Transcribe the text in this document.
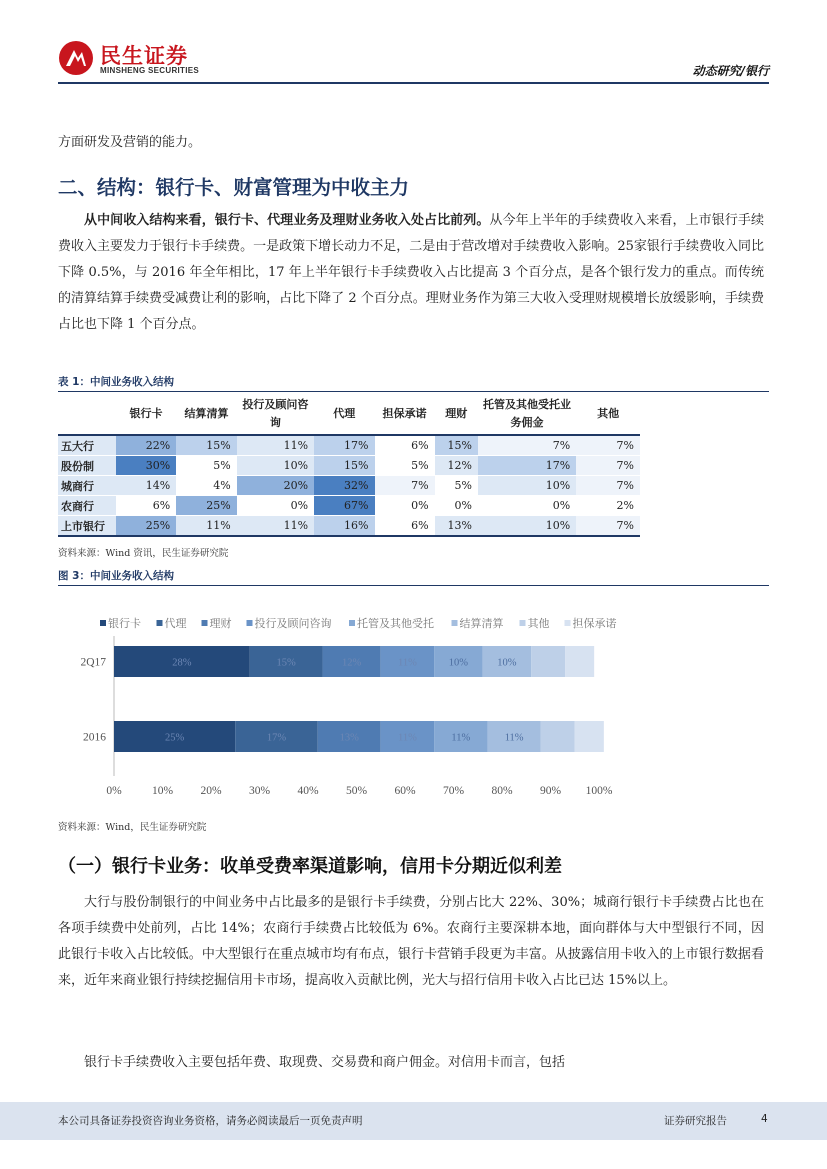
民生证券
MINSHENG SECURITIES	动态研究/银行

方面研发及营销的能力。

二、结构：银行卡、财富管理为中收主力

从中间收入结构来看，银行卡、代理业务及理财业务收入处占比前列。从今年上半年的手续费收入来看，上市银行手续费收入主要发力于银行卡手续费。一是政策下增长动力不足，二是由于营改增对手续费收入影响。25家银行手续费收入同比下降 0.5%，与 2016 年全年相比，17 年上半年银行卡手续费收入占比提高 3 个百分点，是各个银行发力的重点。而传统的清算结算手续费受减费让利的影响，占比下降了 2 个百分点。理财业务作为第三大收入受理财规模增长放缓影响，手续费占比也下降 1 个百分点。

表 1：中间业务收入结构
	银行卡	结算清算	投行及顾问咨询	代理	担保承诺	理财	托管及其他受托业务佣金	其他
五大行	22%	15%	11%	17%	6%	15%	7%	7%
股份制	30%	5%	10%	15%	5%	12%	17%	7%
城商行	14%	4%	20%	32%	7%	5%	10%	7%
农商行	6%	25%	0%	67%	0%	0%	0%	2%
上市银行	25%	11%	11%	16%	6%	13%	10%	7%
资料来源：Wind 资讯，民生证券研究院
图 3：中间业务收入结构
银行卡 代理 理财 投行及顾问咨询 托管及其他受托 结算清算 其他 担保承诺
2Q17	28%	15%	12%	11%	10%	10%
2016	25%	17%	13%	11%	11%	11%
0%	10% 20% 30% 40% 50% 60% 70% 80% 90% 100%
资料来源：Wind，民生证券研究院
（一）银行卡业务：收单受费率渠道影响，信用卡分期近似利差

大行与股份制银行的中间业务中占比最多的是银行卡手续费，分别占比大 22%、30%；城商行银行卡手续费占比也在各项手续费中处前列，占比 14%；农商行手续费占比较低为 6%。农商行主要深耕本地，面向群体与大中型银行不同，因此银行卡收入占比较低。中大型银行在重点城市均有布点，银行卡营销手段更为丰富。从披露信用卡收入的上市银行数据看来，近年来商业银行持续挖掘信用卡市场，提高收入贡献比例，光大与招行信用卡收入占比已达 15%以上。

银行卡手续费收入主要包括年费、取现费、交易费和商户佣金。对信用卡而言，包括

本公司具备证券投资咨询业务资格，请务必阅读最后一页免责声明	证券研究报告	4
